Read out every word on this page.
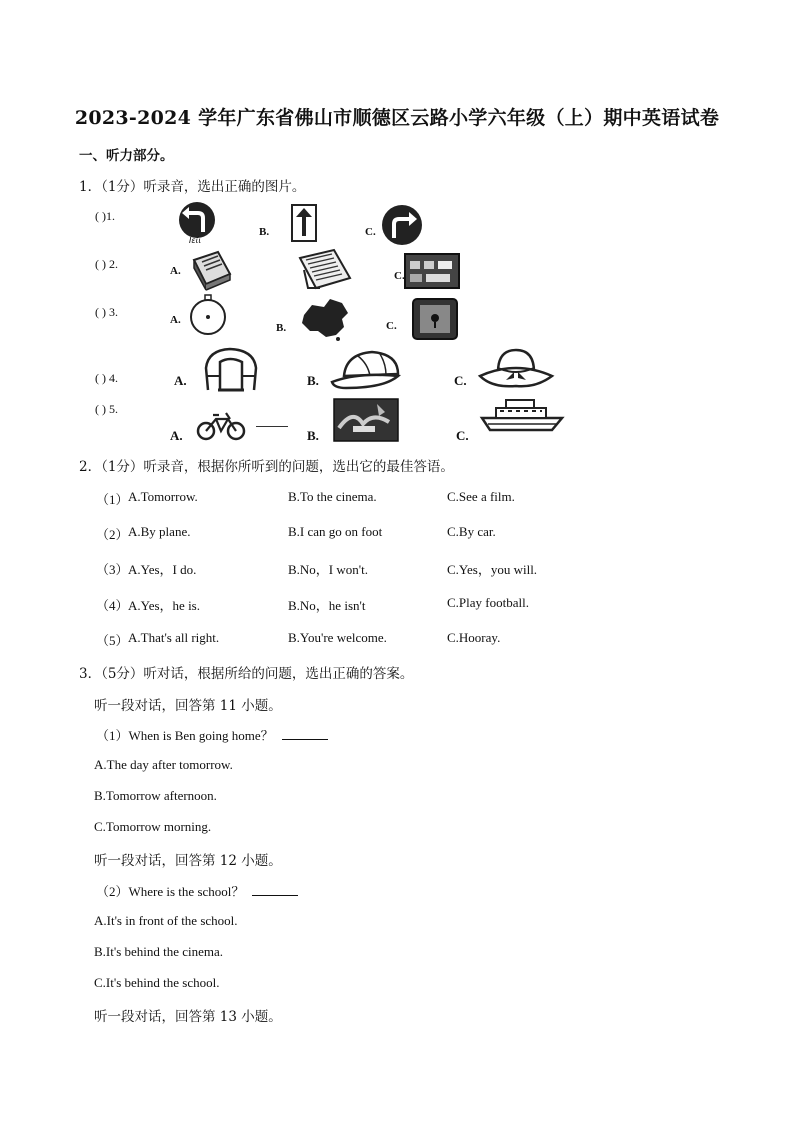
2023-2024 学年广东省佛山市顺德区云路小学六年级（上）期中英语试卷
一、听力部分。
1．（1分）听录音，选出正确的图片。
( )1.
Ιείι
B.	C.
( ) 2.	A.	C.
( ) 3.
A.
B.	C.
( ) 4.	A.	B.	C.
( ) 5.
A.	B.	C.
2．（1分）听录音，根据你所听到的问题，选出它的最佳答语。
（1） A.Tomorrow.	B.To the cinema.	C.See a film.
（2） A.By plane.	B.I can go on foot	C.By car.
（3） A.Yes，I do.	B.No，I won't.	C.Yes，you will.
（4） A.Yes，he is.	B.No，he isn't	C.Play football.
（5） A.That's all right.	B.You're welcome.	C.Hooray.
3．（5分）听对话，根据所给的问题，选出正确的答案。
听一段对话，回答第 11 小题。
（1）When is Ben going home？
A.The day after tomorrow.
B.Tomorrow afternoon.
C.Tomorrow morning.
听一段对话，回答第 12 小题。
（2）Where is the school？
A.It's in front of the school.
B.It's behind the cinema.
C.It's behind the school.
听一段对话，回答第 13 小题。
